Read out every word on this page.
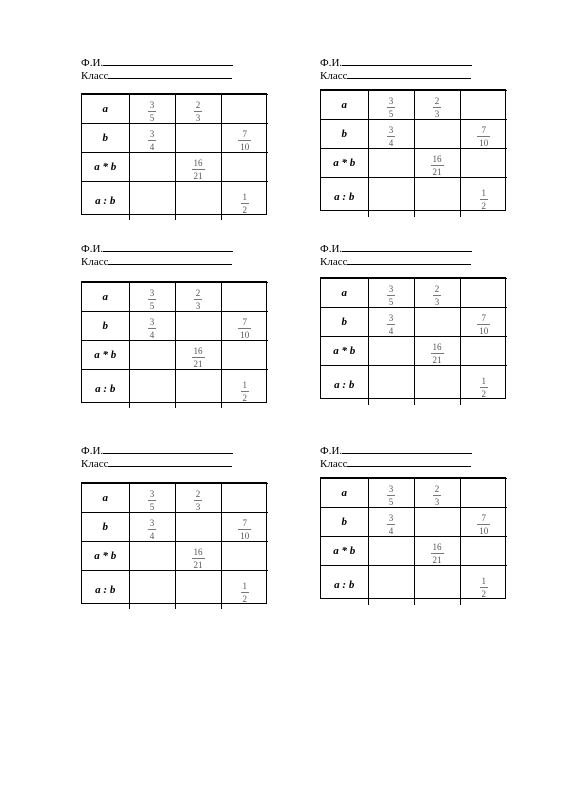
Ф.И.
Класс
a	$\frac{3}{5}$	$\frac{2}{3}$

b	$\frac{3}{4}$		$\frac{7}{10}$

a * b		$\frac{16}{21}$

a : b			$\frac{1}{2}$
Ф.И.
Класс
a	$\frac{3}{5}$	$\frac{2}{3}$

b	$\frac{3}{4}$		$\frac{7}{10}$

a * b		$\frac{16}{21}$

a : b			$\frac{1}{2}$
Ф.И.
Класс
a	$\frac{3}{5}$	$\frac{2}{3}$

b	$\frac{3}{4}$		$\frac{7}{10}$

a * b		$\frac{16}{21}$

a : b			$\frac{1}{2}$
Ф.И.
Класс
a	$\frac{3}{5}$	$\frac{2}{3}$

b	$\frac{3}{4}$		$\frac{7}{10}$

a * b		$\frac{16}{21}$

a : b			$\frac{1}{2}$
Ф.И.
Класс
a	$\frac{3}{5}$	$\frac{2}{3}$

b	$\frac{3}{4}$		$\frac{7}{10}$

a * b		$\frac{16}{21}$

a : b			$\frac{1}{2}$
Ф.И.
Класс
a	$\frac{3}{5}$	$\frac{2}{3}$

b	$\frac{3}{4}$		$\frac{7}{10}$

a * b		$\frac{16}{21}$

a : b			$\frac{1}{2}$
